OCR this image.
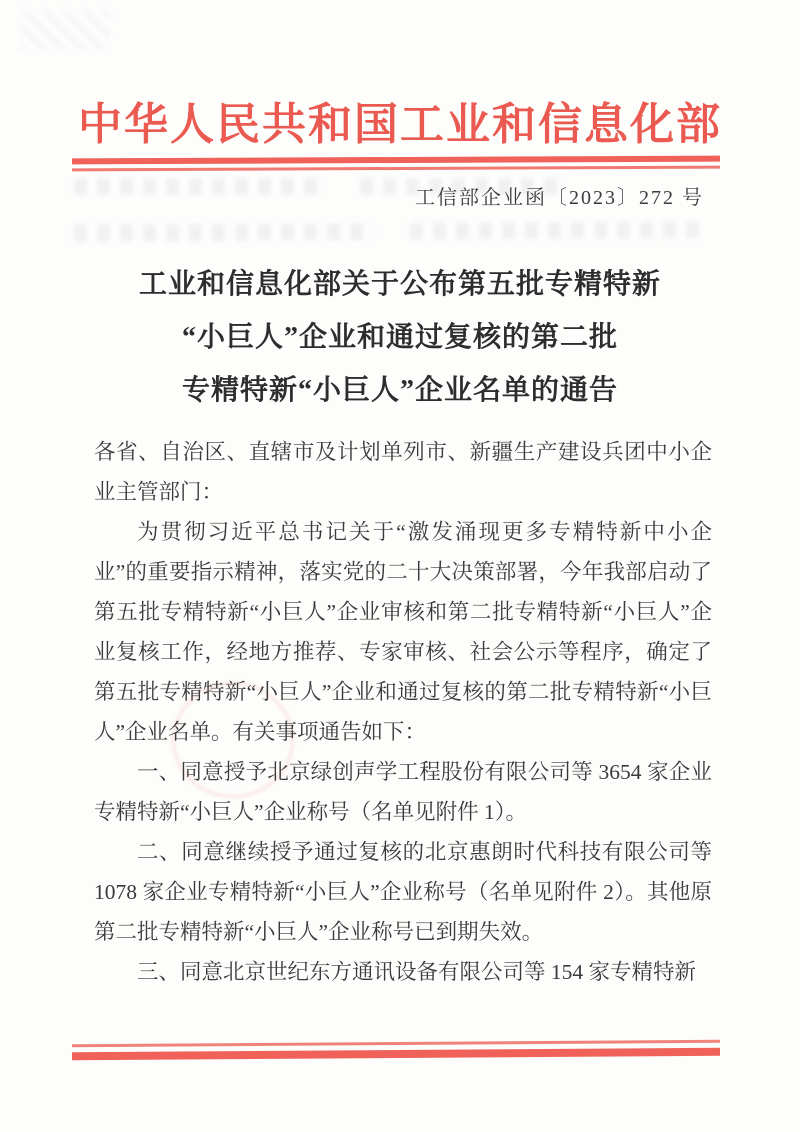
中华人民共和国工业和信息化部
工信部企业函〔2023〕272 号
工业和信息化部关于公布第五批专精特新
“小巨人”企业和通过复核的第二批
专精特新“小巨人”企业名单的通告

各省、自治区、直辖市及计划单列市、新疆生产建设兵团中小企业主管部门：

为贯彻习近平总书记关于“激发涌现更多专精特新中小企业”的重要指示精神，落实党的二十大决策部署，今年我部启动了第五批专精特新“小巨人”企业审核和第二批专精特新“小巨人”企业复核工作，经地方推荐、专家审核、社会公示等程序，确定了第五批专精特新“小巨人”企业和通过复核的第二批专精特新“小巨人”企业名单。有关事项通告如下：

一、同意授予北京绿创声学工程股份有限公司等 3654 家企业专精特新“小巨人”企业称号（名单见附件 1）。

二、同意继续授予通过复核的北京惠朗时代科技有限公司等 1078 家企业专精特新“小巨人”企业称号（名单见附件 2）。其他原第二批专精特新“小巨人”企业称号已到期失效。

三、同意北京世纪东方通讯设备有限公司等 154 家专精特新
